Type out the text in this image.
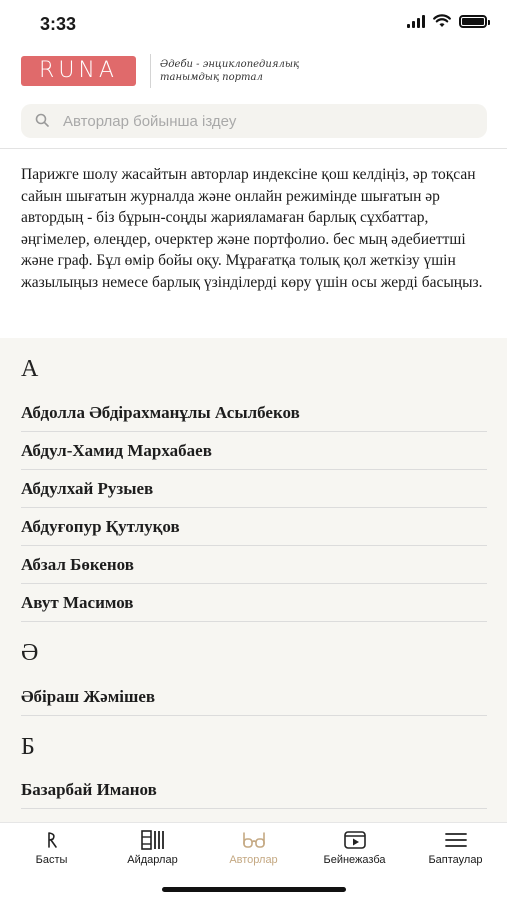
3:33
RUNA	Әдеби - энциклопедиялық танымдық портал
Авторлар бойынша іздеу

Парижге шолу жасайтын авторлар индексіне қош келдіңіз, әр тоқсан сайын шығатын журналда және онлайн режимінде шығатын әр автордың - біз бұрын-соңды жарияламаған барлық сұхбаттар, әңгімелер, өлеңдер, очерктер және портфолио. бес мың әдебиеттші және граф. Бұл өмір бойы оқу. Мұрағатқа толық қол жеткізу үшін жазылыңыз немесе барлық үзінділерді көру үшін осы жерді басыңыз.

А
Абдолла Әбдірахманұлы Асылбеков
Абдул-Хамид Мархабаев
Абдулхай Рузыев
Абдуғопур Қутлуқов
Абзал Бөкенов
Авут Масимов
Ә
Әбіраш Жәмішев
Б
Базарбай Иманов
Басты	Айдарлар	Авторлар	Бейнежазба	Баптаулар
